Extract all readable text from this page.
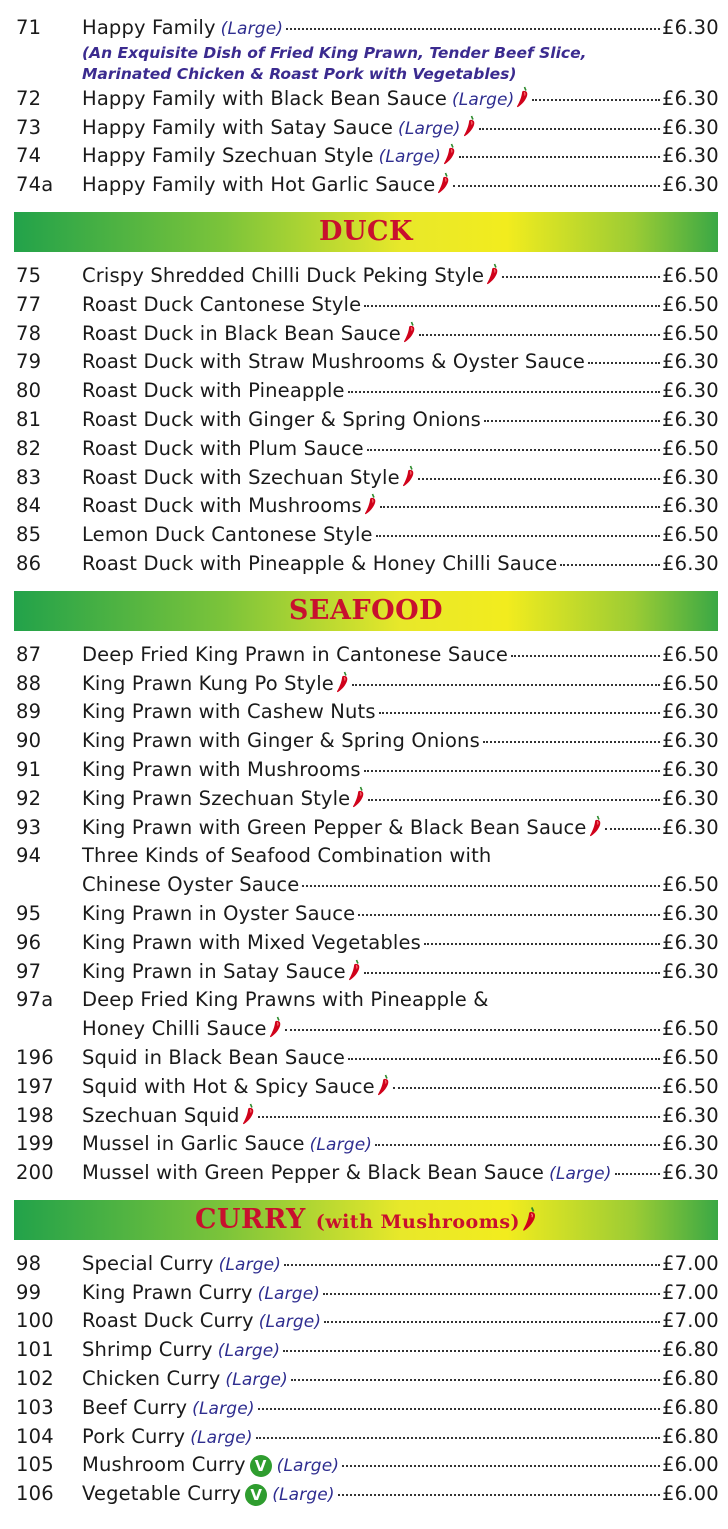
71	Happy Family (Large)	£6.30
(An Exquisite Dish of Fried King Prawn, Tender Beef Slice,
Marinated Chicken & Roast Pork with Vegetables)
72	Happy Family with Black Bean Sauce (Large)	£6.30
73	Happy Family with Satay Sauce (Large)	£6.30
74	Happy Family Szechuan Style (Large)	£6.30
74a	Happy Family with Hot Garlic Sauce	£6.30
DUCK
75	Crispy Shredded Chilli Duck Peking Style	£6.50
77	Roast Duck Cantonese Style	£6.50
78	Roast Duck in Black Bean Sauce	£6.50
79	Roast Duck with Straw Mushrooms & Oyster Sauce	£6.30
80	Roast Duck with Pineapple	£6.30
81	Roast Duck with Ginger & Spring Onions	£6.30
82	Roast Duck with Plum Sauce	£6.50
83	Roast Duck with Szechuan Style	£6.30
84	Roast Duck with Mushrooms	£6.30
85	Lemon Duck Cantonese Style	£6.50
86	Roast Duck with Pineapple & Honey Chilli Sauce	£6.30
SEAFOOD
87	Deep Fried King Prawn in Cantonese Sauce	£6.50
88	King Prawn Kung Po Style	£6.50
89	King Prawn with Cashew Nuts	£6.30
90	King Prawn with Ginger & Spring Onions	£6.30
91	King Prawn with Mushrooms	£6.30
92	King Prawn Szechuan Style	£6.30
93	King Prawn with Green Pepper & Black Bean Sauce	£6.30
94	Three Kinds of Seafood Combination with
Chinese Oyster Sauce	£6.50
95	King Prawn in Oyster Sauce	£6.30
96	King Prawn with Mixed Vegetables	£6.30
97	King Prawn in Satay Sauce	£6.30
97a	Deep Fried King Prawns with Pineapple &
Honey Chilli Sauce	£6.50
196	Squid in Black Bean Sauce	£6.50
197	Squid with Hot & Spicy Sauce	£6.50
198	Szechuan Squid	£6.30
199	Mussel in Garlic Sauce (Large)	£6.30
200	Mussel with Green Pepper & Black Bean Sauce (Large)	£6.30
CURRY (with Mushrooms)
98	Special Curry (Large)	£7.00
99	King Prawn Curry (Large)	£7.00
100	Roast Duck Curry (Large)	£7.00
101	Shrimp Curry (Large)	£6.80
102	Chicken Curry (Large)	£6.80
103	Beef Curry (Large)	£6.80
104	Pork Curry (Large)	£6.80
105	Mushroom Curry V (Large)	£6.00
106	Vegetable Curry V (Large)	£6.00
